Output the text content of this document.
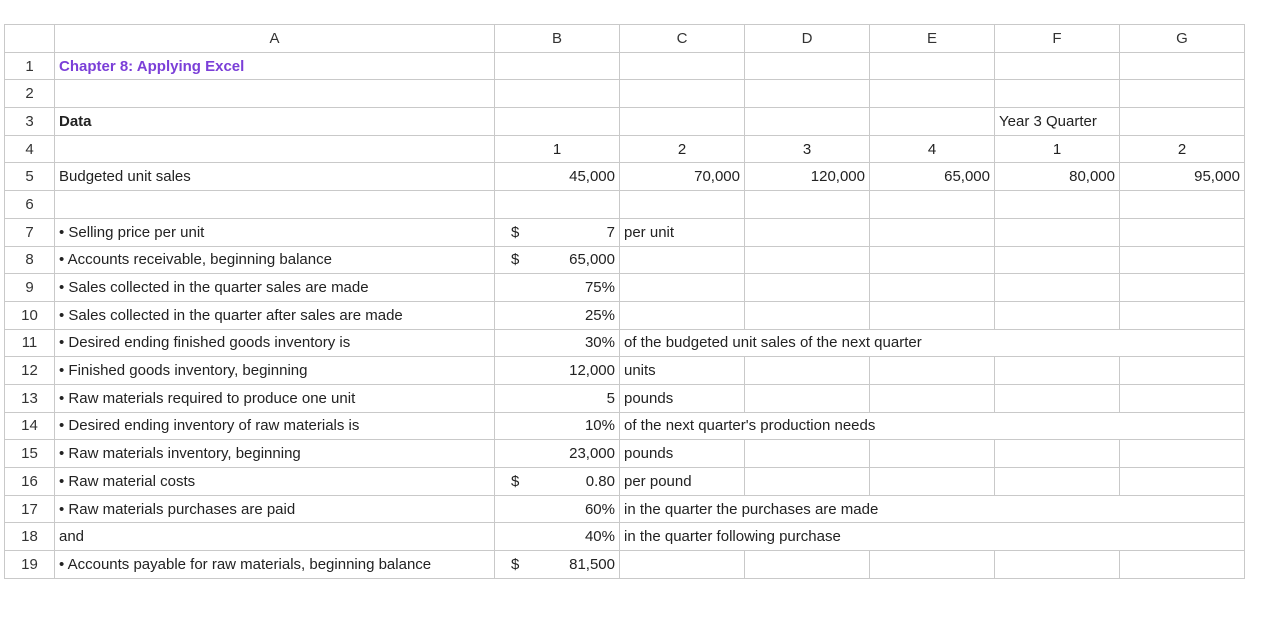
	A	B	C	D	E	F	G
1	Chapter 8: Applying Excel						
2							
3	Data					Year 3 Quarter	
4		1	2	3	4	1	2
5	Budgeted unit sales	45,000	70,000	120,000	65,000	80,000	95,000
6							
7	• Selling price per unit	$ 7	per unit				
8	• Accounts receivable, beginning balance	$ 65,000					
9	• Sales collected in the quarter sales are made	75%					
10	• Sales collected in the quarter after sales are made	25%					
11	• Desired ending finished goods inventory is	30%	of the budgeted unit sales of the next quarter				
12	• Finished goods inventory, beginning	12,000	units				
13	• Raw materials required to produce one unit	5	pounds				
14	• Desired ending inventory of raw materials is	10%	of the next quarter's production needs				
15	• Raw materials inventory, beginning	23,000	pounds				
16	• Raw material costs	$ 0.80	per pound				
17	• Raw materials purchases are paid	60%	in the quarter the purchases are made				
18	and	40%	in the quarter following purchase				
19	• Accounts payable for raw materials, beginning balance	$ 81,500					
